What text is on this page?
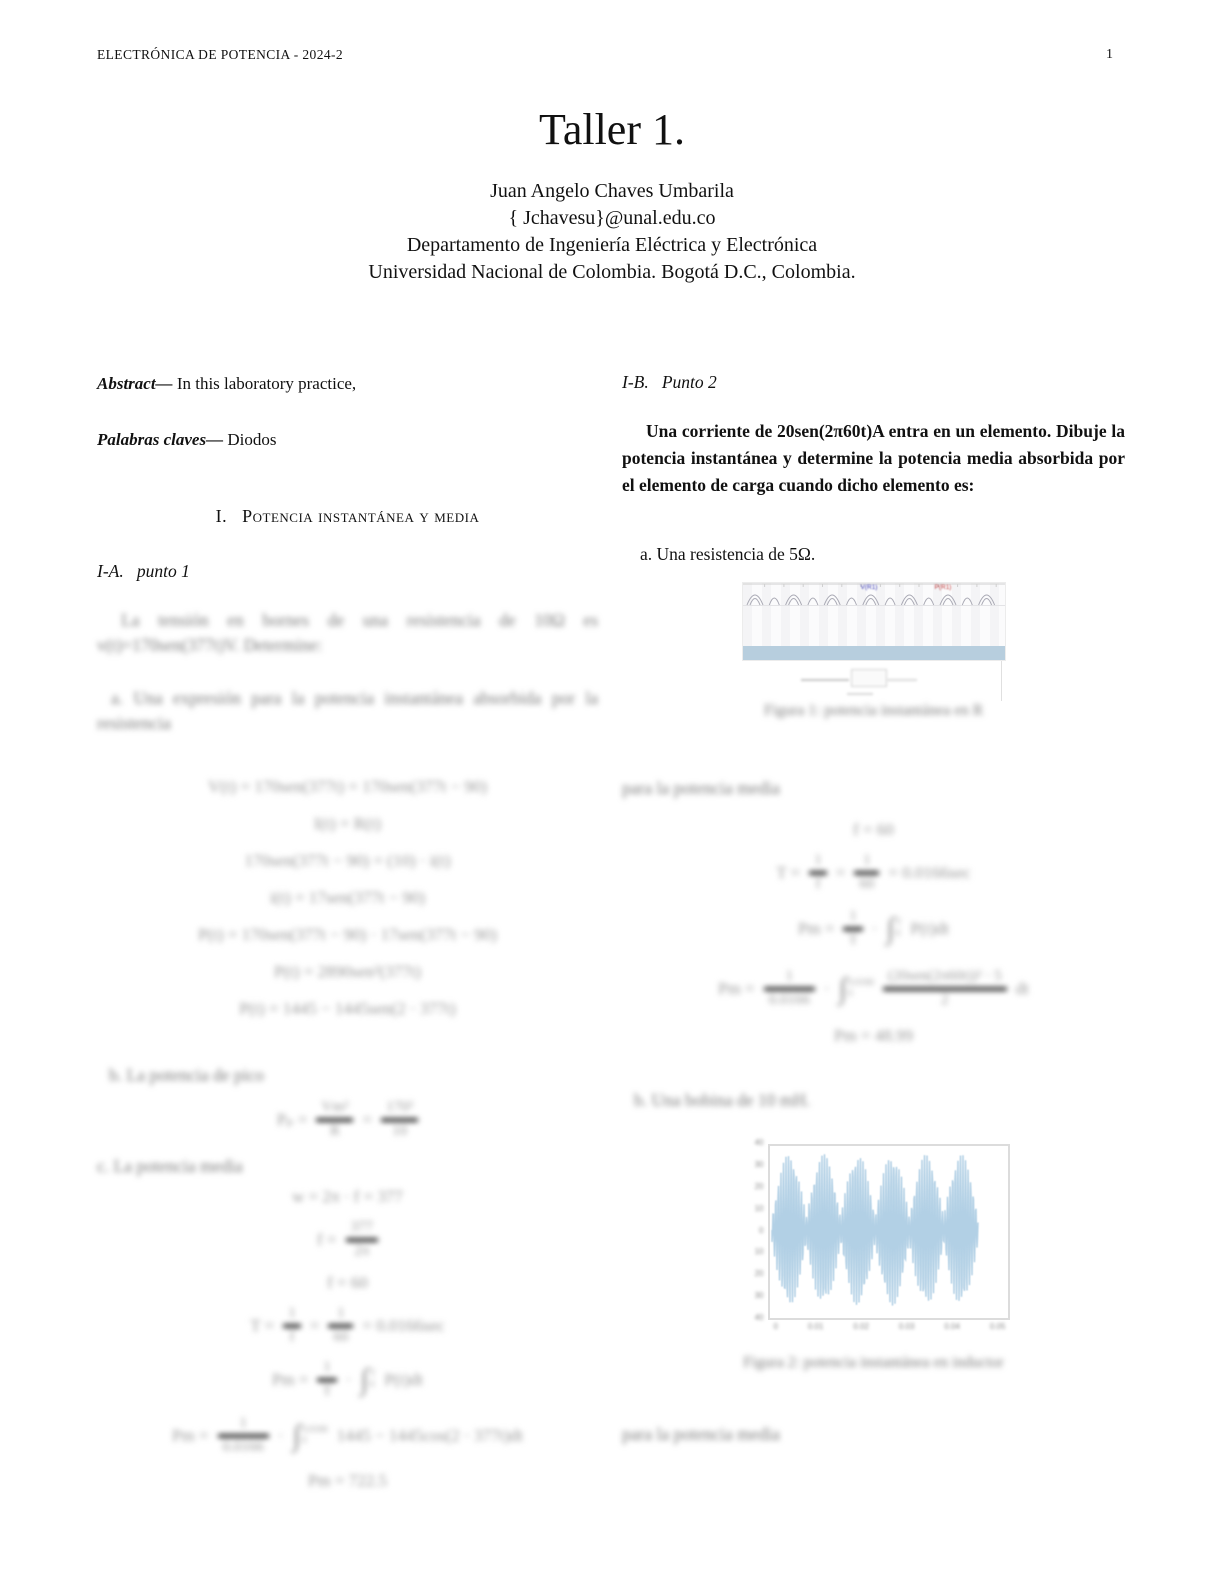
ELECTRÓNICA DE POTENCIA - 2024-2	1
Taller 1.
Juan Angelo Chaves Umbarila
{ Jchavesu}@unal.edu.co
Departamento de Ingeniería Eléctrica y Electrónica
Universidad Nacional de Colombia. Bogotá D.C., Colombia.
Abstract— In this laboratory practice,
Palabras claves— Diodos
I. Potencia instantánea y media
I-A. punto 1
La tensión en bornes de una resistencia de 10Ω es v(t)=170sen(377t)V. Determine:
a. Una expresión para la potencia instantánea absorbida por la resistencia
V(t) = 170sen(377t) = 170sen(377t − 90)
I(t) = R(t)
170sen(377t − 90) = (10) · i(t)
i(t) = 17sen(377t − 90)
P(t) = 170sen(377t − 90) · 17sen(377t − 90)
P(t) = 2890sen²(377t)
P(t) = 1445 − 1445sen(2 · 377t)
b. La potencia de pico
$P_p = \frac{\text{Vm²}}{R} = \frac{\text{170²}}{10}$
c. La potencia media
w = 2π · f = 377
$f = \frac{377}{2\pi}$
f = 60
$T = \frac{1}{f} = \frac{1}{60} = 0.0166\sec$
$Pm = \frac{1}{T}$ · ∫ T
0 P(t)dt
$Pm = \frac{1}{0.0166}$ · ∫ 0.0166
0	1445 − 1445cos(2 · 377t)dt
Pm = 722.5
I-B. Punto 2
Una corriente de 20sen(2π60t)A entra en un elemento. Dibuje la potencia instantánea y determine la potencia media absorbida por el elemento de carga cuando dicho elemento es:
a. Una resistencia de 5Ω.
V(R1)	P(R1)
Figura 1: potencia instantánea en R
para la potencia media
f = 60
$T = \frac{1}{f} = \frac{1}{60} = 0.0166\sec$
$Pm = \frac{1}{T}$ · ∫ T
0 P(t)dt
$Pm = \frac{1}{0.0166}$ · ∫ 0.0166
0	$\frac{\text{(20sen(2π60t))² · 5}}{2}$ dt
Pm = 48.99
b. Una bobina de 10 mH.
40
30
20
10
0
10
20
30
40
0	0.01	0.02	0.03	0.04	0.05
Figura 2: potencia instantánea en inductor
para la potencia media
